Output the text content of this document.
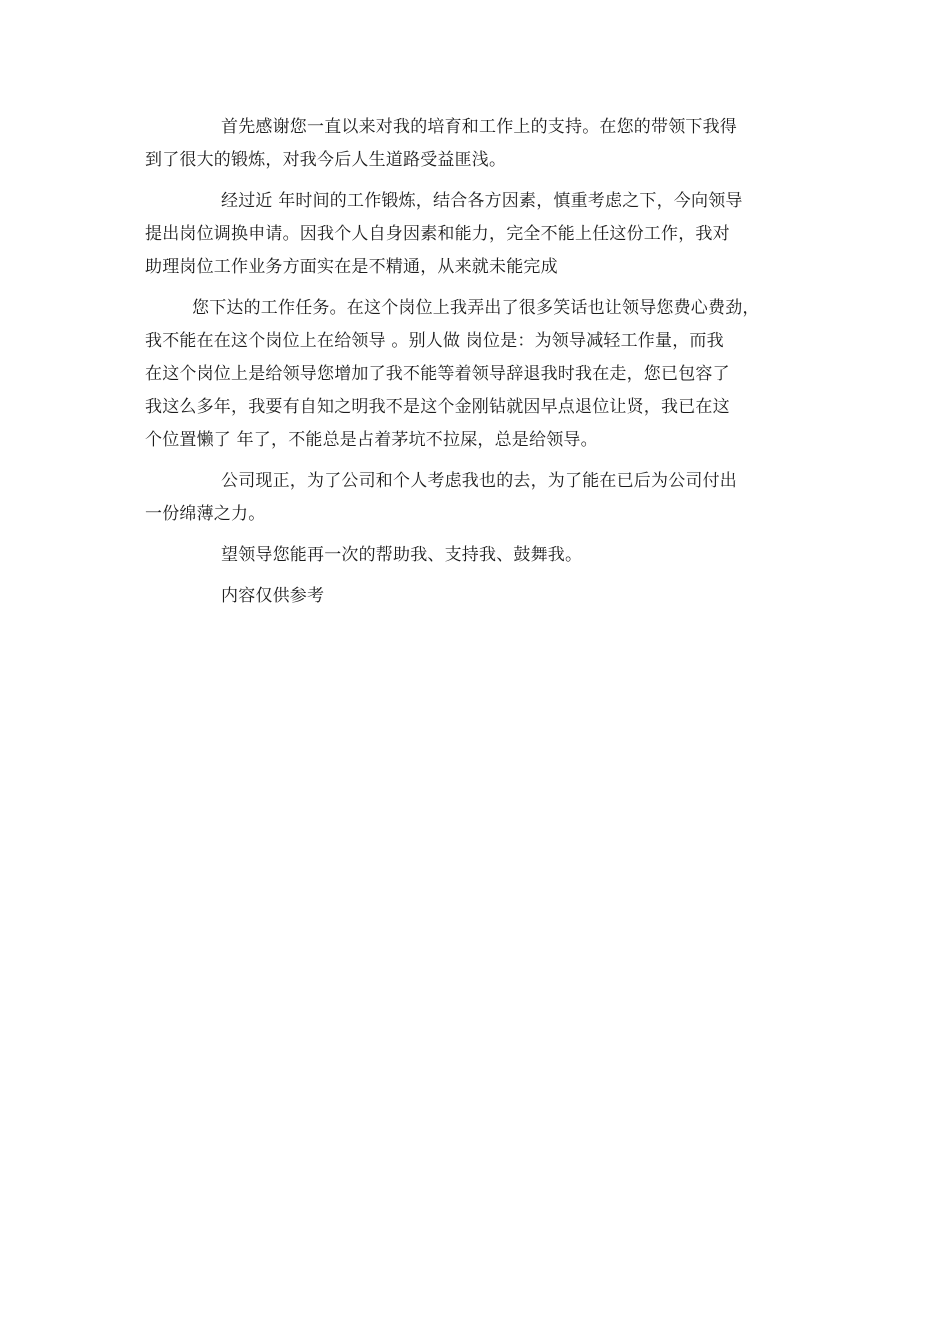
首先感谢您一直以来对我的培育和工作上的支持。在您的带领下我得
到了很大的锻炼，对我今后人生道路受益匪浅。
经过近 年时间的工作锻炼，结合各方因素，慎重考虑之下，今向领导
提出岗位调换申请。因我个人自身因素和能力，完全不能上任这份工作，我对
助理岗位工作业务方面实在是不精通，从来就未能完成
您下达的工作任务。在这个岗位上我弄出了很多笑话也让领导您费心费劲，
我不能在在这个岗位上在给领导 。别人做 岗位是：为领导减轻工作量，而我
在这个岗位上是给领导您增加了我不能等着领导辞退我时我在走，您已包容了
我这么多年，我要有自知之明我不是这个金刚钻就因早点退位让贤，我已在这
个位置懒了 年了，不能总是占着茅坑不拉屎，总是给领导。
公司现正，为了公司和个人考虑我也的去，为了能在已后为公司付出
一份绵薄之力。
望领导您能再一次的帮助我、支持我、鼓舞我。
内容仅供参考
